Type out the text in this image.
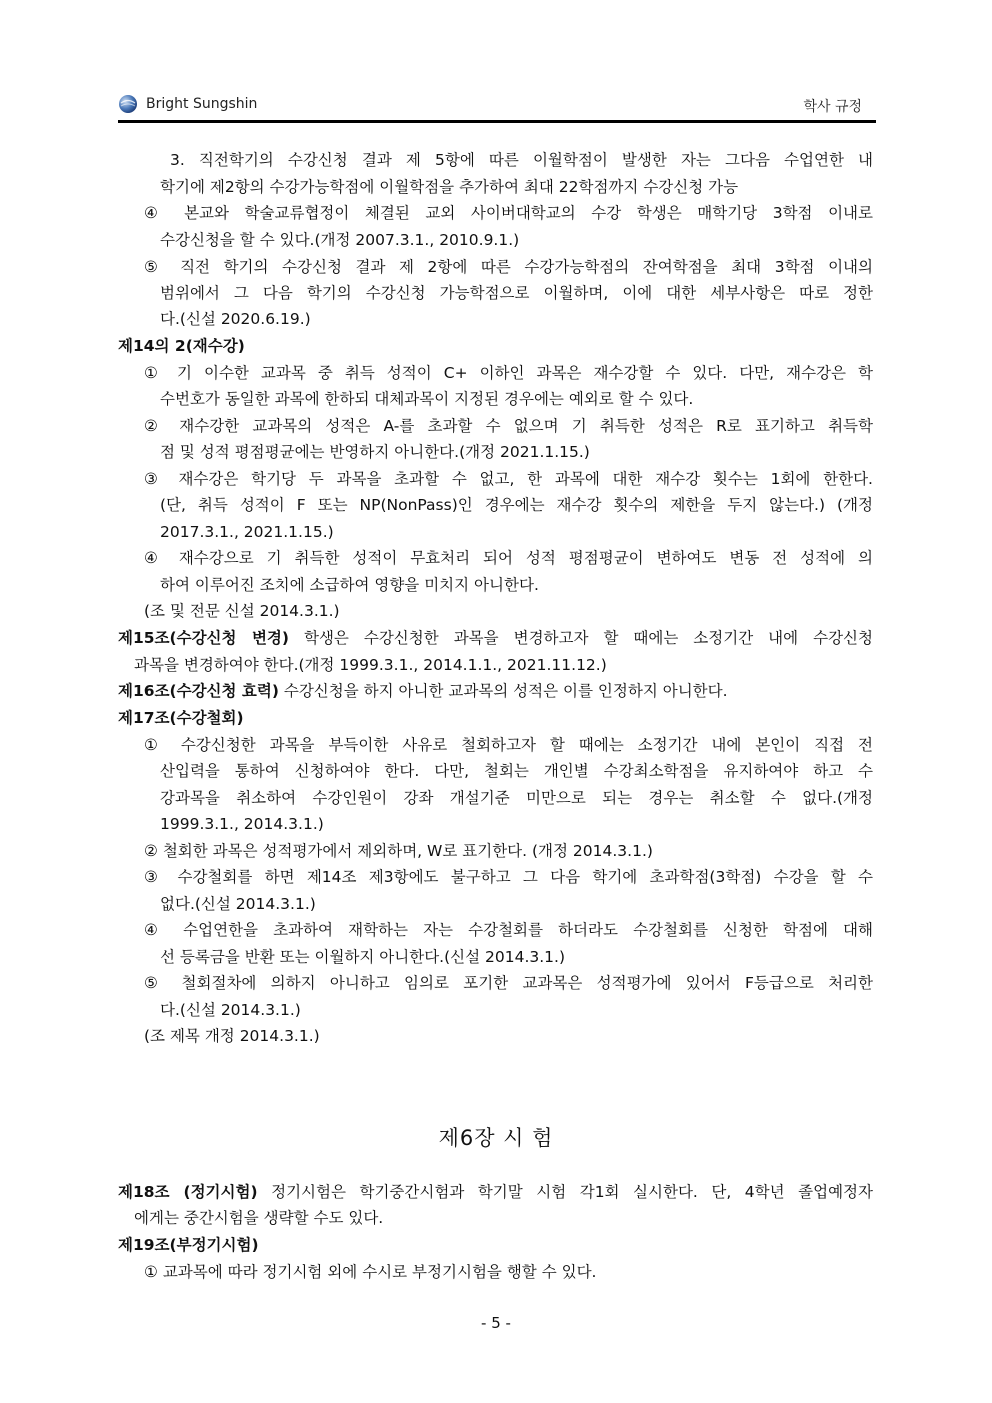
Bright Sungshin	학사 규정
3. 직전학기의 수강신청 결과 제 5항에 따른 이월학점이 발생한 자는 그다음 수업연한 내
학기에 제2항의 수강가능학점에 이월학점을 추가하여 최대 22학점까지 수강신청 가능
④ 본교와 학술교류협정이 체결된 교외 사이버대학교의 수강 학생은 매학기당 3학점 이내로
수강신청을 할 수 있다.(개정 2007.3.1., 2010.9.1.)
⑤ 직전 학기의 수강신청 결과 제 2항에 따른 수강가능학점의 잔여학점을 최대 3학점 이내의
범위에서 그 다음 학기의 수강신청 가능학점으로 이월하며, 이에 대한 세부사항은 따로 정한
다.(신설 2020.6.19.)
제14의 2(재수강)
① 기 이수한 교과목 중 취득 성적이 C+ 이하인 과목은 재수강할 수 있다. 다만, 재수강은 학
수번호가 동일한 과목에 한하되 대체과목이 지정된 경우에는 예외로 할 수 있다.
② 재수강한 교과목의 성적은 A-를 초과할 수 없으며 기 취득한 성적은 R로 표기하고 취득학
점 및 성적 평점평균에는 반영하지 아니한다.(개정 2021.1.15.)
③ 재수강은 학기당 두 과목을 초과할 수 없고, 한 과목에 대한 재수강 횟수는 1회에 한한다.
(단, 취득 성적이 F 또는 NP(NonPass)인 경우에는 재수강 횟수의 제한을 두지 않는다.) (개정
2017.3.1., 2021.1.15.)
④ 재수강으로 기 취득한 성적이 무효처리 되어 성적 평점평균이 변하여도 변동 전 성적에 의
하여 이루어진 조치에 소급하여 영향을 미치지 아니한다.
(조 및 전문 신설 2014.3.1.)
제15조(수강신청 변경) 학생은 수강신청한 과목을 변경하고자 할 때에는 소정기간 내에 수강신청
과목을 변경하여야 한다.(개정 1999.3.1., 2014.1.1., 2021.11.12.)
제16조(수강신청 효력) 수강신청을 하지 아니한 교과목의 성적은 이를 인정하지 아니한다.
제17조(수강철회)
① 수강신청한 과목을 부득이한 사유로 철회하고자 할 때에는 소정기간 내에 본인이 직접 전
산입력을 통하여 신청하여야 한다. 다만, 철회는 개인별 수강최소학점을 유지하여야 하고 수
강과목을 취소하여 수강인원이 강좌 개설기준 미만으로 되는 경우는 취소할 수 없다.(개정
1999.3.1., 2014.3.1.)
② 철회한 과목은 성적평가에서 제외하며, W로 표기한다. (개정 2014.3.1.)
③ 수강철회를 하면 제14조 제3항에도 불구하고 그 다음 학기에 초과학점(3학점) 수강을 할 수
없다.(신설 2014.3.1.)
④ 수업연한을 초과하여 재학하는 자는 수강철회를 하더라도 수강철회를 신청한 학점에 대해
선 등록금을 반환 또는 이월하지 아니한다.(신설 2014.3.1.)
⑤ 철회절차에 의하지 아니하고 임의로 포기한 교과목은 성적평가에 있어서 F등급으로 처리한
다.(신설 2014.3.1.)
(조 제목 개정 2014.3.1.)
제6장 시 험
제18조 (정기시험) 정기시험은 학기중간시험과 학기말 시험 각1회 실시한다. 단, 4학년 졸업예정자
에게는 중간시험을 생략할 수도 있다.
제19조(부정기시험)
① 교과목에 따라 정기시험 외에 수시로 부정기시험을 행할 수 있다.
- 5 -
